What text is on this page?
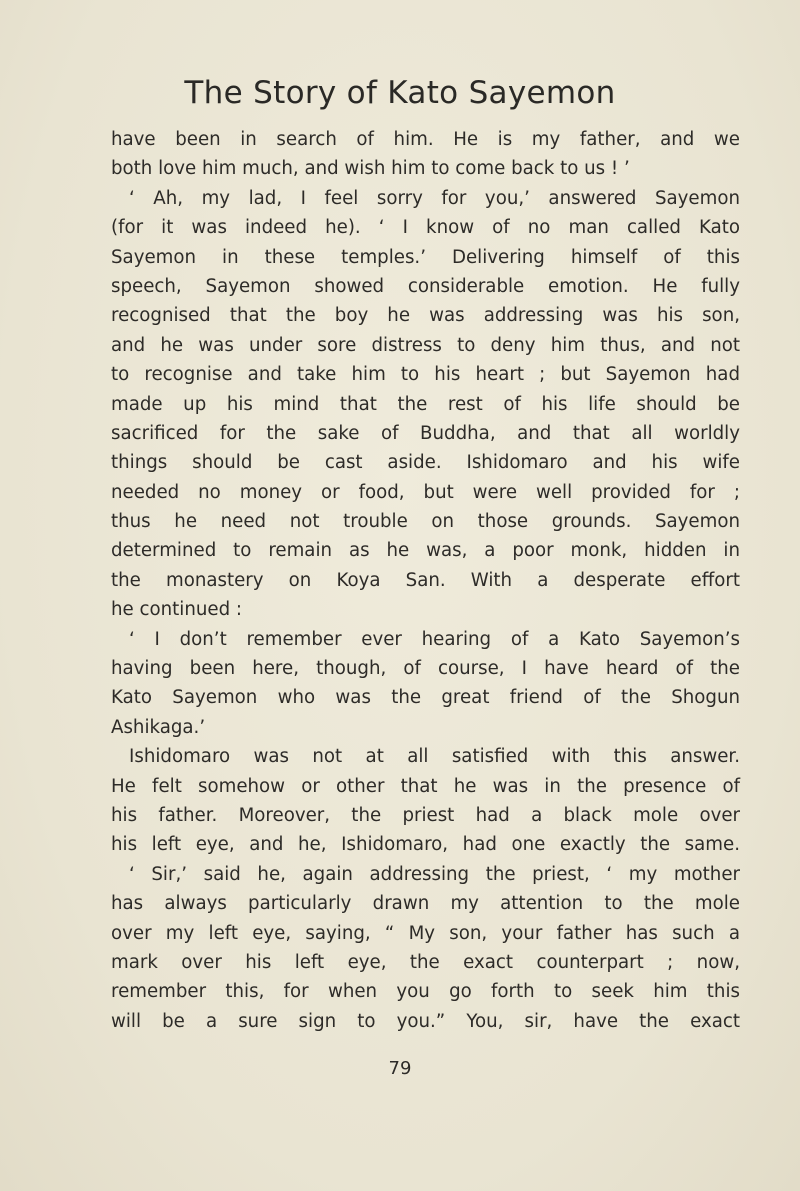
The Story of Kato Sayemon
have been in search of him. He is my father, and we
both love him much, and wish him to come back to us ! ’
‘ Ah, my lad, I feel sorry for you,’ answered Sayemon
(for it was indeed he). ‘ I know of no man called Kato
Sayemon in these temples.’ Delivering himself of this
speech, Sayemon showed considerable emotion. He fully
recognised that the boy he was addressing was his son,
and he was under sore distress to deny him thus, and not
to recognise and take him to his heart ; but Sayemon had
made up his mind that the rest of his life should be
sacrificed for the sake of Buddha, and that all worldly
things should be cast aside. Ishidomaro and his wife
needed no money or food, but were well provided for ;
thus he need not trouble on those grounds. Sayemon
determined to remain as he was, a poor monk, hidden in
the monastery on Koya San. With a desperate effort
he continued :
‘ I don’t remember ever hearing of a Kato Sayemon’s
having been here, though, of course, I have heard of the
Kato Sayemon who was the great friend of the Shogun
Ashikaga.’
Ishidomaro was not at all satisfied with this answer.
He felt somehow or other that he was in the presence of
his father. Moreover, the priest had a black mole over
his left eye, and he, Ishidomaro, had one exactly the same.
‘ Sir,’ said he, again addressing the priest, ‘ my mother
has always particularly drawn my attention to the mole
over my left eye, saying, “ My son, your father has such a
mark over his left eye, the exact counterpart ; now,
remember this, for when you go forth to seek him this
will be a sure sign to you.” You, sir, have the exact
79
